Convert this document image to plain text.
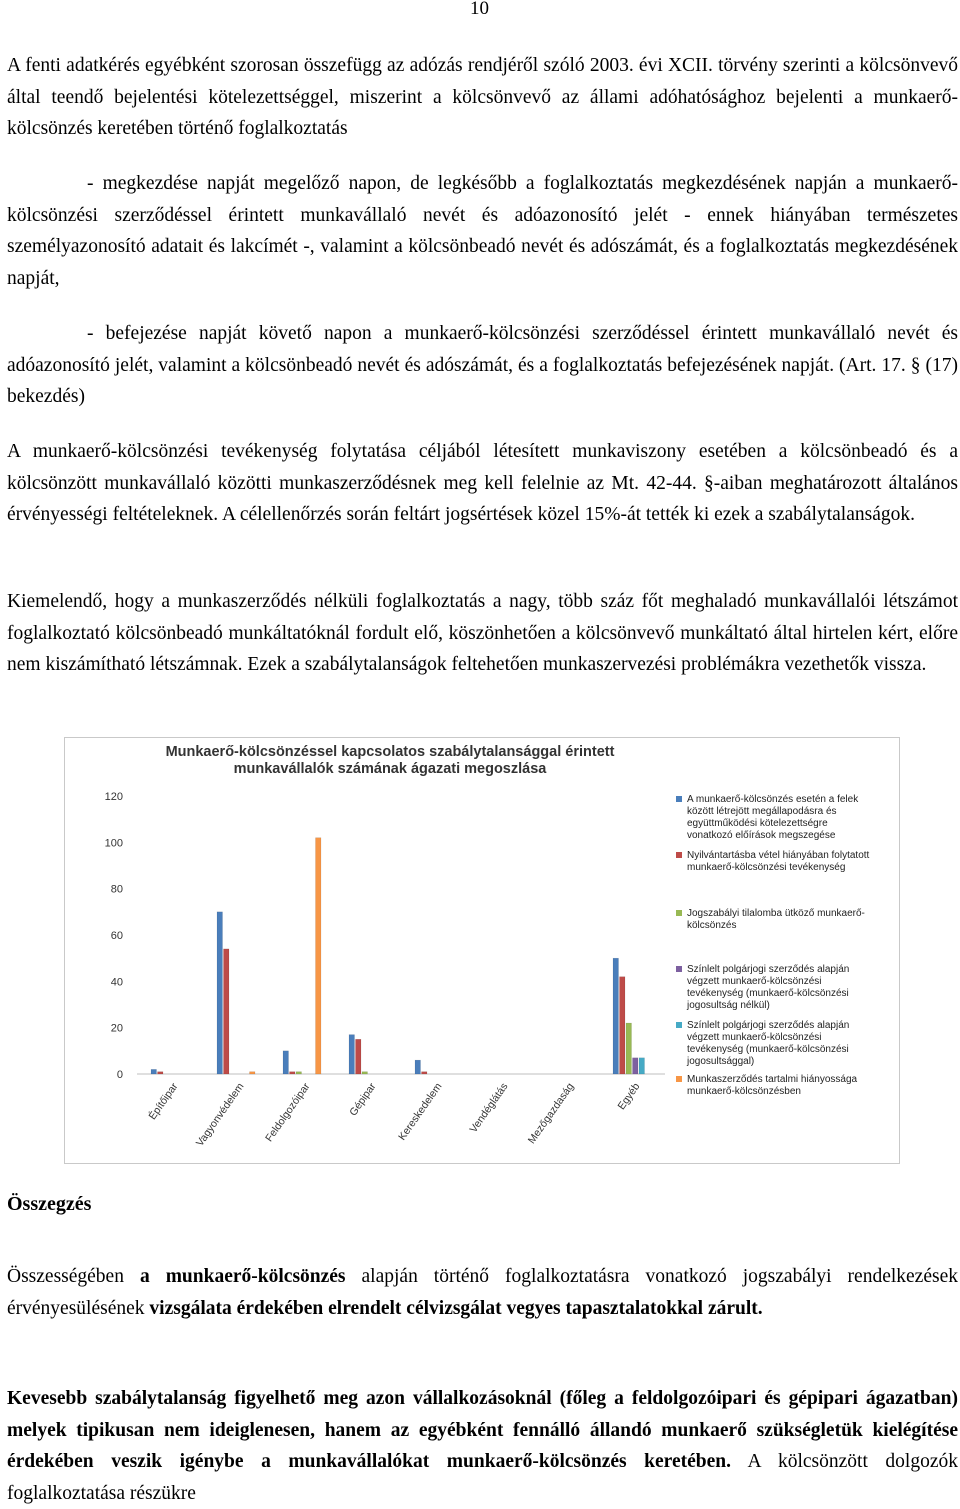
10

A fenti adatkérés egyébként szorosan összefügg az adózás rendjéről szóló 2003. évi XCII. törvény szerinti a kölcsönvevő által teendő bejelentési kötelezettséggel, miszerint a kölcsönvevő az állami adóhatósághoz bejelenti a munkaerő-kölcsönzés keretében történő foglalkoztatás

- megkezdése napját megelőző napon, de legkésőbb a foglalkoztatás megkezdésének napján a munkaerő-kölcsönzési szerződéssel érintett munkavállaló nevét és adóazonosító jelét - ennek hiányában természetes személyazonosító adatait és lakcímét -, valamint a kölcsönbeadó nevét és adószámát, és a foglalkoztatás megkezdésének napját,

- befejezése napját követő napon a munkaerő-kölcsönzési szerződéssel érintett munkavállaló nevét és adóazonosító jelét, valamint a kölcsönbeadó nevét és adószámát, és a foglalkoztatás befejezésének napját. (Art. 17. § (17) bekezdés)

A munkaerő-kölcsönzési tevékenység folytatása céljából létesített munkaviszony esetében a kölcsönbeadó és a kölcsönzött munkavállaló közötti munkaszerződésnek meg kell felelnie az Mt. 42-44. §-aiban meghatározott általános érvényességi feltételeknek. A célellenőrzés során feltárt jogsértések közel 15%-át tették ki ezek a szabálytalanságok.

Kiemelendő, hogy a munkaszerződés nélküli foglalkoztatás a nagy, több száz főt meghaladó munkavállalói létszámot foglalkoztató kölcsönbeadó munkáltatóknál fordult elő, köszönhetően a kölcsönvevő munkáltató által hirtelen kért, előre nem kiszámítható létszámnak. Ezek a szabálytalanságok feltehetően munkaszervezési problémákra vezethetők vissza.

Munkaerő-kölcsönzéssel kapcsolatos szabálytalansággal érintett munkavállalók számának ágazati megoszlása
0
20
40
60
80
100
120
Építőipar Vagyonvédelem Feldolgozóipar	Gépipar Kereskedelem Vendéglátás Mezőgazdaság	Egyéb
A munkaerő-kölcsönzés esetén a felek között létrejött megállapodásra és együttműködési kötelezettségre vonatkozó előírások megszegése
Nyilvántartásba vétel hiányában folytatott munkaerő-kölcsönzési tevékenység
Jogszabályi tilalomba ütköző munkaerő-kölcsönzés
Színlelt polgárjogi szerződés alapján végzett munkaerő-kölcsönzési tevékenység (munkaerő-kölcsönzési jogosultság nélkül)
Színlelt polgárjogi szerződés alapján végzett munkaerő-kölcsönzési tevékenység (munkaerő-kölcsönzési jogosultsággal)
Munkaszerződés tartalmi hiányossága munkaerő-kölcsönzésben

Összegzés

Összességében a munkaerő-kölcsönzés alapján történő foglalkoztatásra vonatkozó jogszabályi rendelkezések érvényesülésének vizsgálata érdekében elrendelt célvizsgálat vegyes tapasztalatokkal zárult.

Kevesebb szabálytalanság figyelhető meg azon vállalkozásoknál (főleg a feldolgozóipari és gépipari ágazatban) melyek tipikusan nem ideiglenesen, hanem az egyébként fennálló állandó munkaerő szükségletük kielégítése érdekében veszik igénybe a munkavállalókat munkaerő-kölcsönzés keretében. A kölcsönzött dolgozók foglalkoztatása részükre
